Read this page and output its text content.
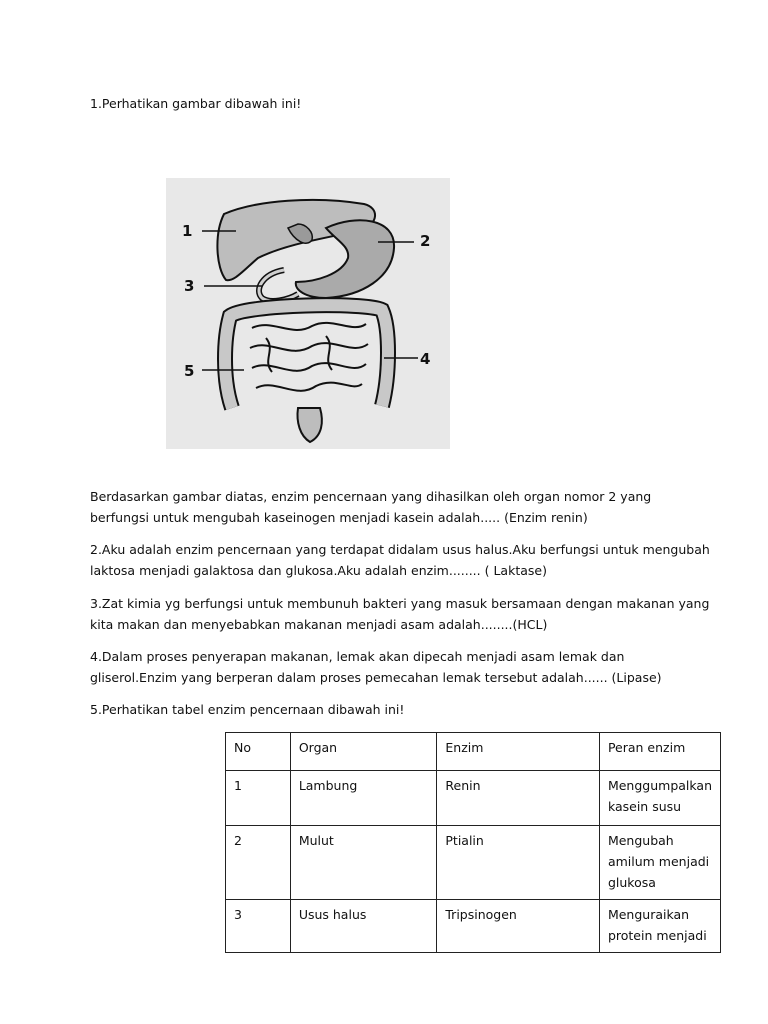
1.Perhatikan gambar dibawah ini!

1
2
3
4
5

Berdasarkan gambar diatas, enzim pencernaan yang dihasilkan oleh organ nomor 2 yang berfungsi untuk mengubah kaseinogen menjadi kasein adalah..... (Enzim renin)

2.Aku adalah enzim pencernaan yang terdapat didalam usus halus.Aku berfungsi untuk mengubah laktosa menjadi galaktosa dan glukosa.Aku adalah enzim........ ( Laktase)

3.Zat kimia yg berfungsi untuk membunuh bakteri yang masuk bersamaan dengan makanan yang kita makan dan menyebabkan makanan menjadi asam adalah........(HCL)

4.Dalam proses penyerapan makanan, lemak akan dipecah menjadi asam lemak dan gliserol.Enzim yang berperan dalam proses pemecahan lemak tersebut adalah...... (Lipase)

5.Perhatikan tabel enzim pencernaan dibawah ini!

No	Organ	Enzim	Peran enzim
1	Lambung	Renin	Menggumpalkan kasein susu
2	Mulut	Ptialin	Mengubah amilum menjadi glukosa
3	Usus halus	Tripsinogen	Menguraikan protein menjadi
